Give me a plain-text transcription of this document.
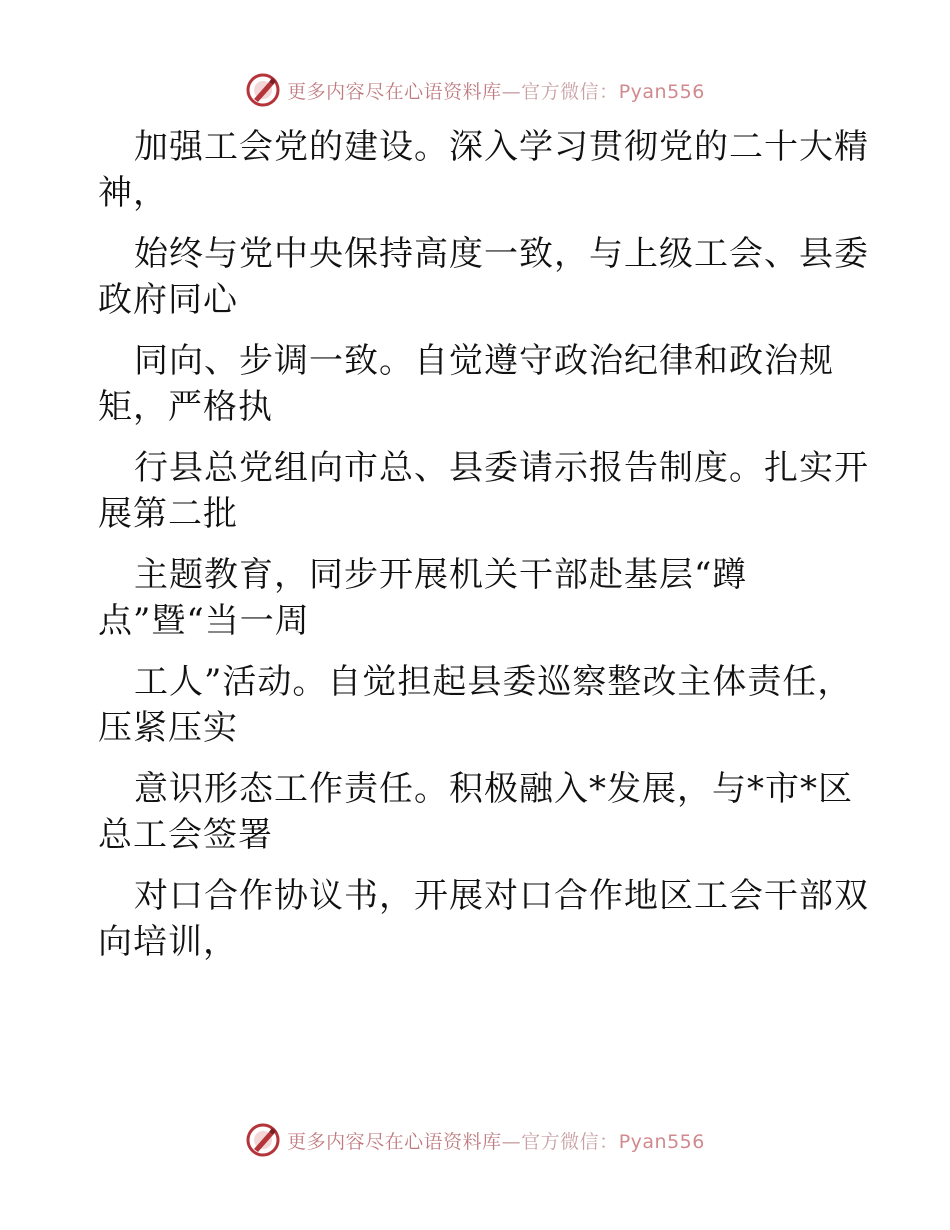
更多内容尽在心语资料库—官方微信：Pyan556

加强工会党的建设。深入学习贯彻党的二十大精

神，

始终与党中央保持高度一致，与上级工会、县委

政府同心

同向、步调一致。自觉遵守政治纪律和政治规

矩，严格执

行县总党组向市总、县委请示报告制度。扎实开

展第二批

主题教育，同步开展机关干部赴基层“蹲

点”暨“当一周

工人”活动。自觉担起县委巡察整改主体责任，

压紧压实

意识形态工作责任。积极融入*发展，与*市*区

总工会签署

对口合作协议书，开展对口合作地区工会干部双

向培训，

更多内容尽在心语资料库—官方微信：Pyan556
